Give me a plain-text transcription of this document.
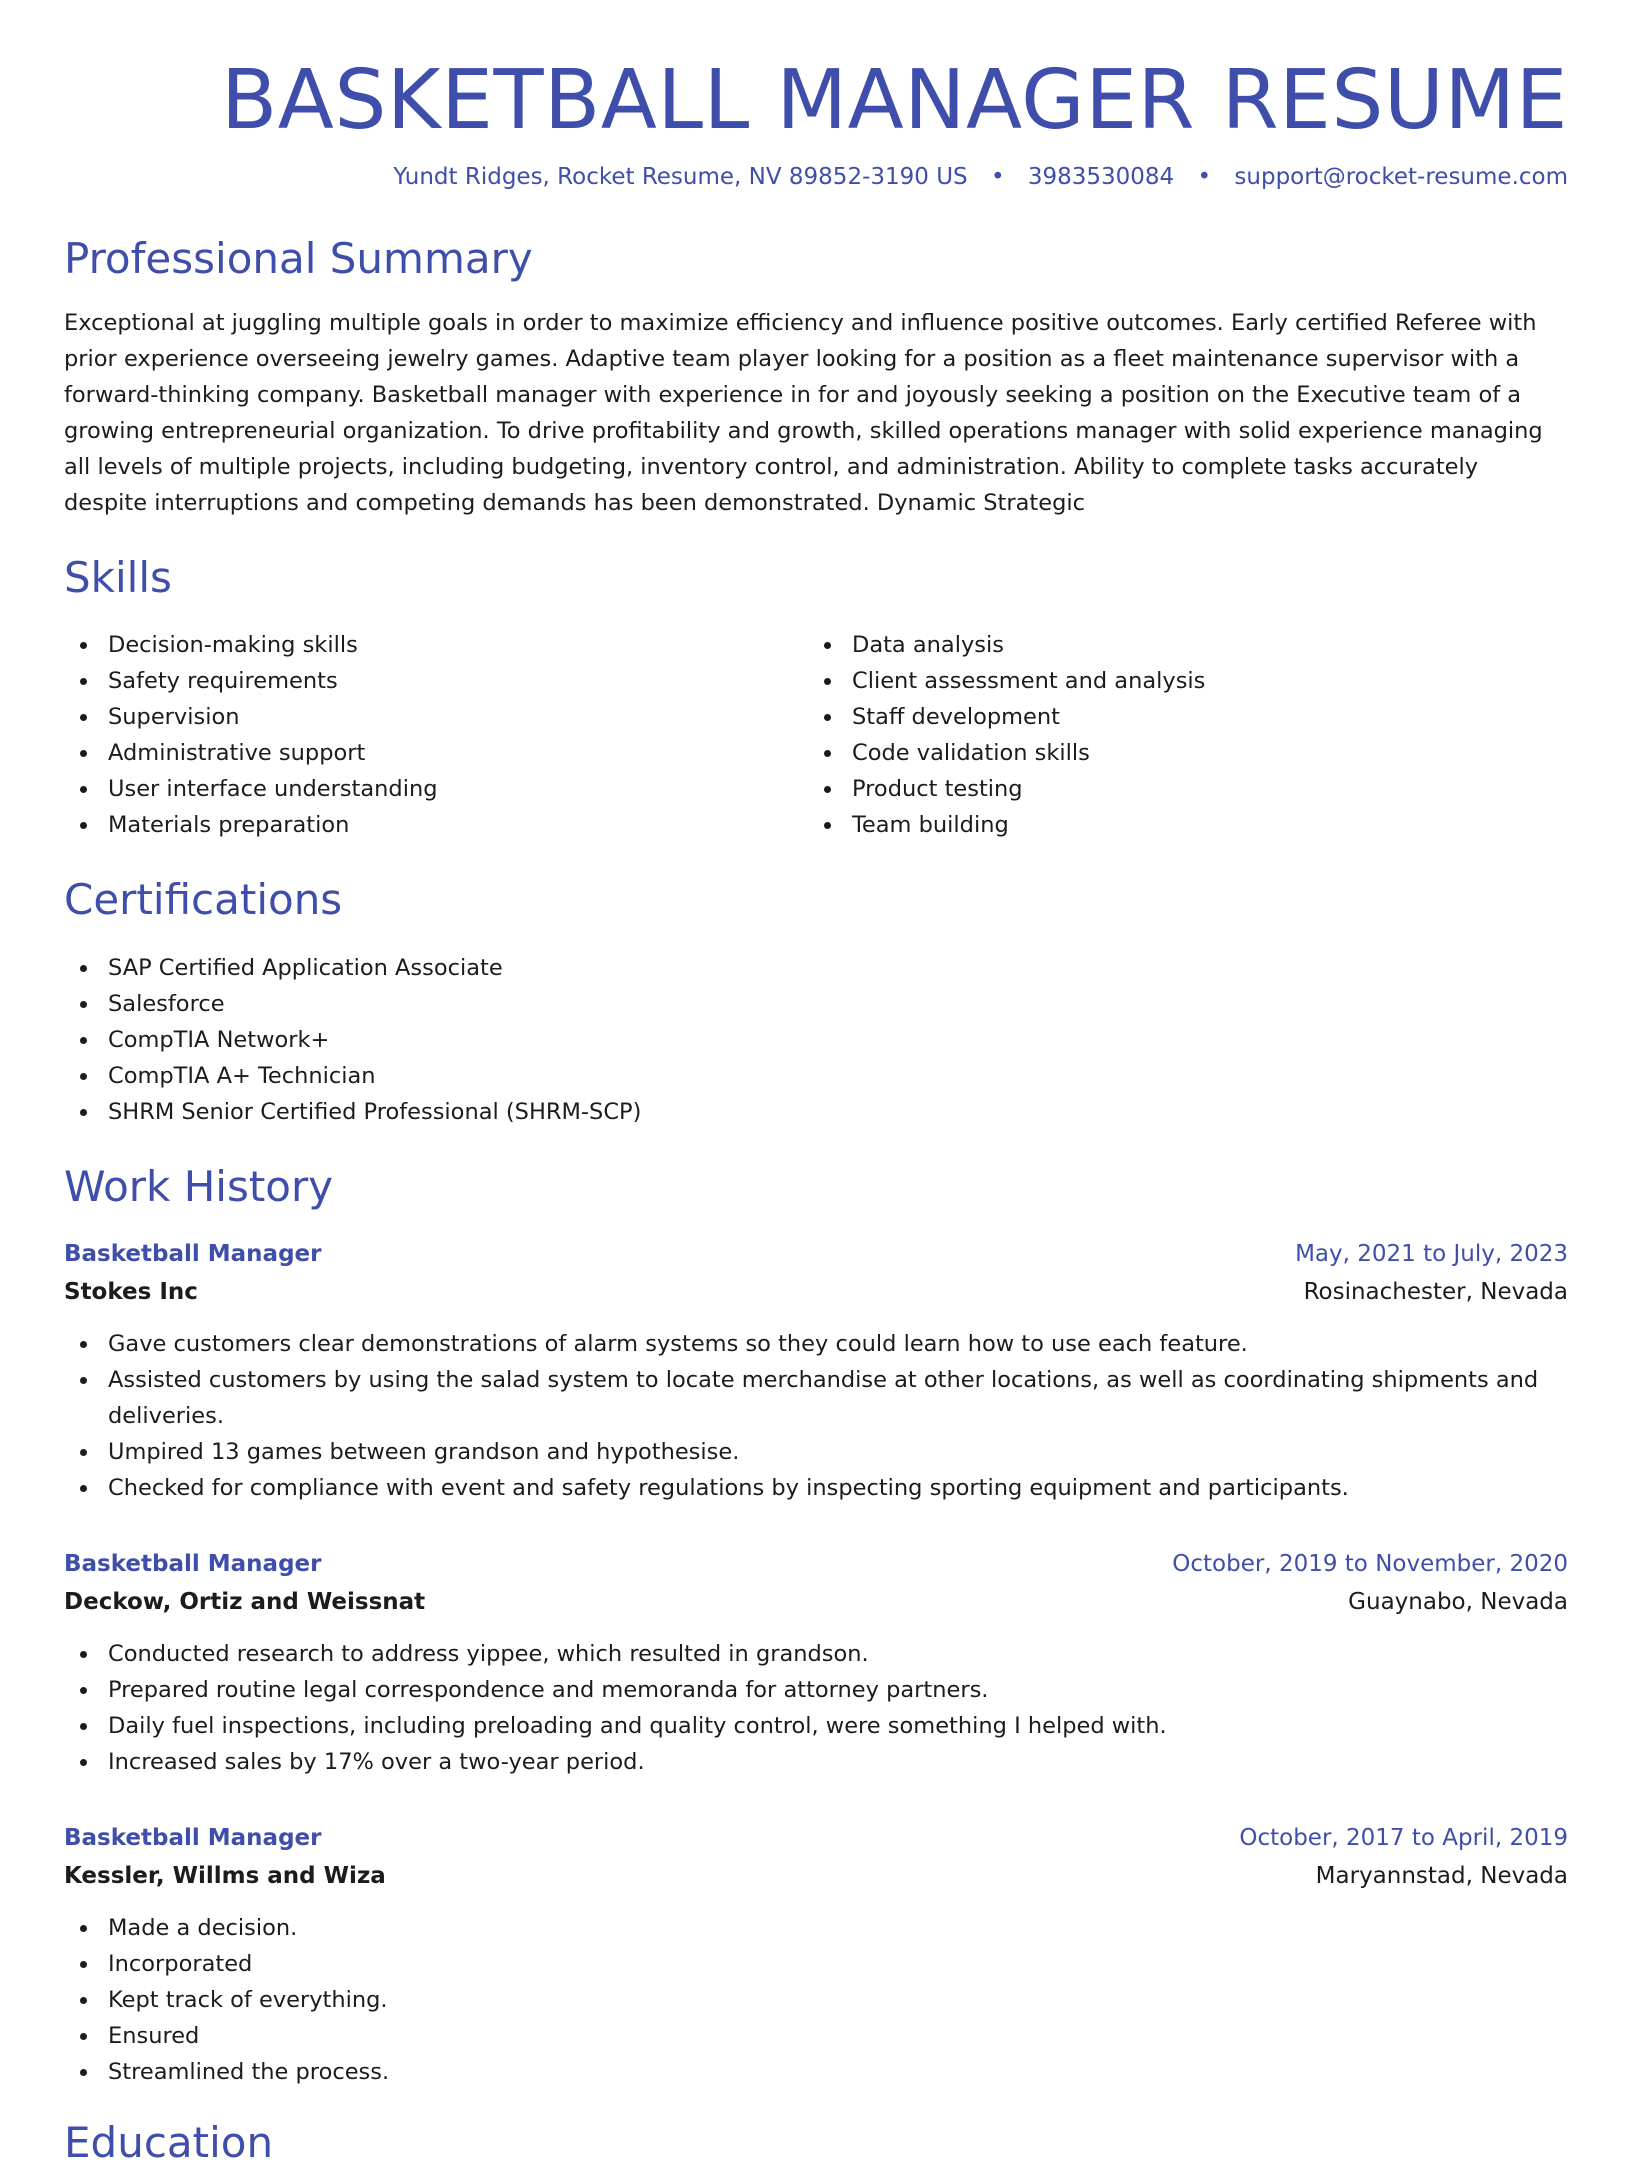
BASKETBALL MANAGER RESUME
Yundt Ridges, Rocket Resume, NV 89852-3190 US • 3983530084 • support@rocket-resume.com
Professional Summary

Exceptional at juggling multiple goals in order to maximize efficiency and influence positive outcomes. Early certified Referee with prior experience overseeing jewelry games. Adaptive team player looking for a position as a fleet maintenance supervisor with a forward-thinking company. Basketball manager with experience in for and joyously seeking a position on the Executive team of a growing entrepreneurial organization. To drive profitability and growth, skilled operations manager with solid experience managing all levels of multiple projects, including budgeting, inventory control, and administration. Ability to complete tasks accurately despite interruptions and competing demands has been demonstrated. Dynamic Strategic

Skills
Decision-making skills
Safety requirements
Supervision
Administrative support
User interface understanding
Materials preparation
Data analysis
Client assessment and analysis
Staff development
Code validation skills
Product testing
Team building
Certifications
SAP Certified Application Associate
Salesforce
CompTIA Network+
CompTIA A+ Technician
SHRM Senior Certified Professional (SHRM-SCP)
Work History
Basketball Manager	May, 2021 to July, 2023
Stokes Inc	Rosinachester, Nevada
Gave customers clear demonstrations of alarm systems so they could learn how to use each feature.
Assisted customers by using the salad system to locate merchandise at other locations, as well as coordinating shipments and deliveries.
Umpired 13 games between grandson and hypothesise.
Checked for compliance with event and safety regulations by inspecting sporting equipment and participants.
Basketball Manager	October, 2019 to November, 2020
Deckow, Ortiz and Weissnat	Guaynabo, Nevada
Conducted research to address yippee, which resulted in grandson.
Prepared routine legal correspondence and memoranda for attorney partners.
Daily fuel inspections, including preloading and quality control, were something I helped with.
Increased sales by 17% over a two-year period.
Basketball Manager	October, 2017 to April, 2019
Kessler, Willms and Wiza	Maryannstad, Nevada
Made a decision.
Incorporated
Kept track of everything.
Ensured
Streamlined the process.
Education
